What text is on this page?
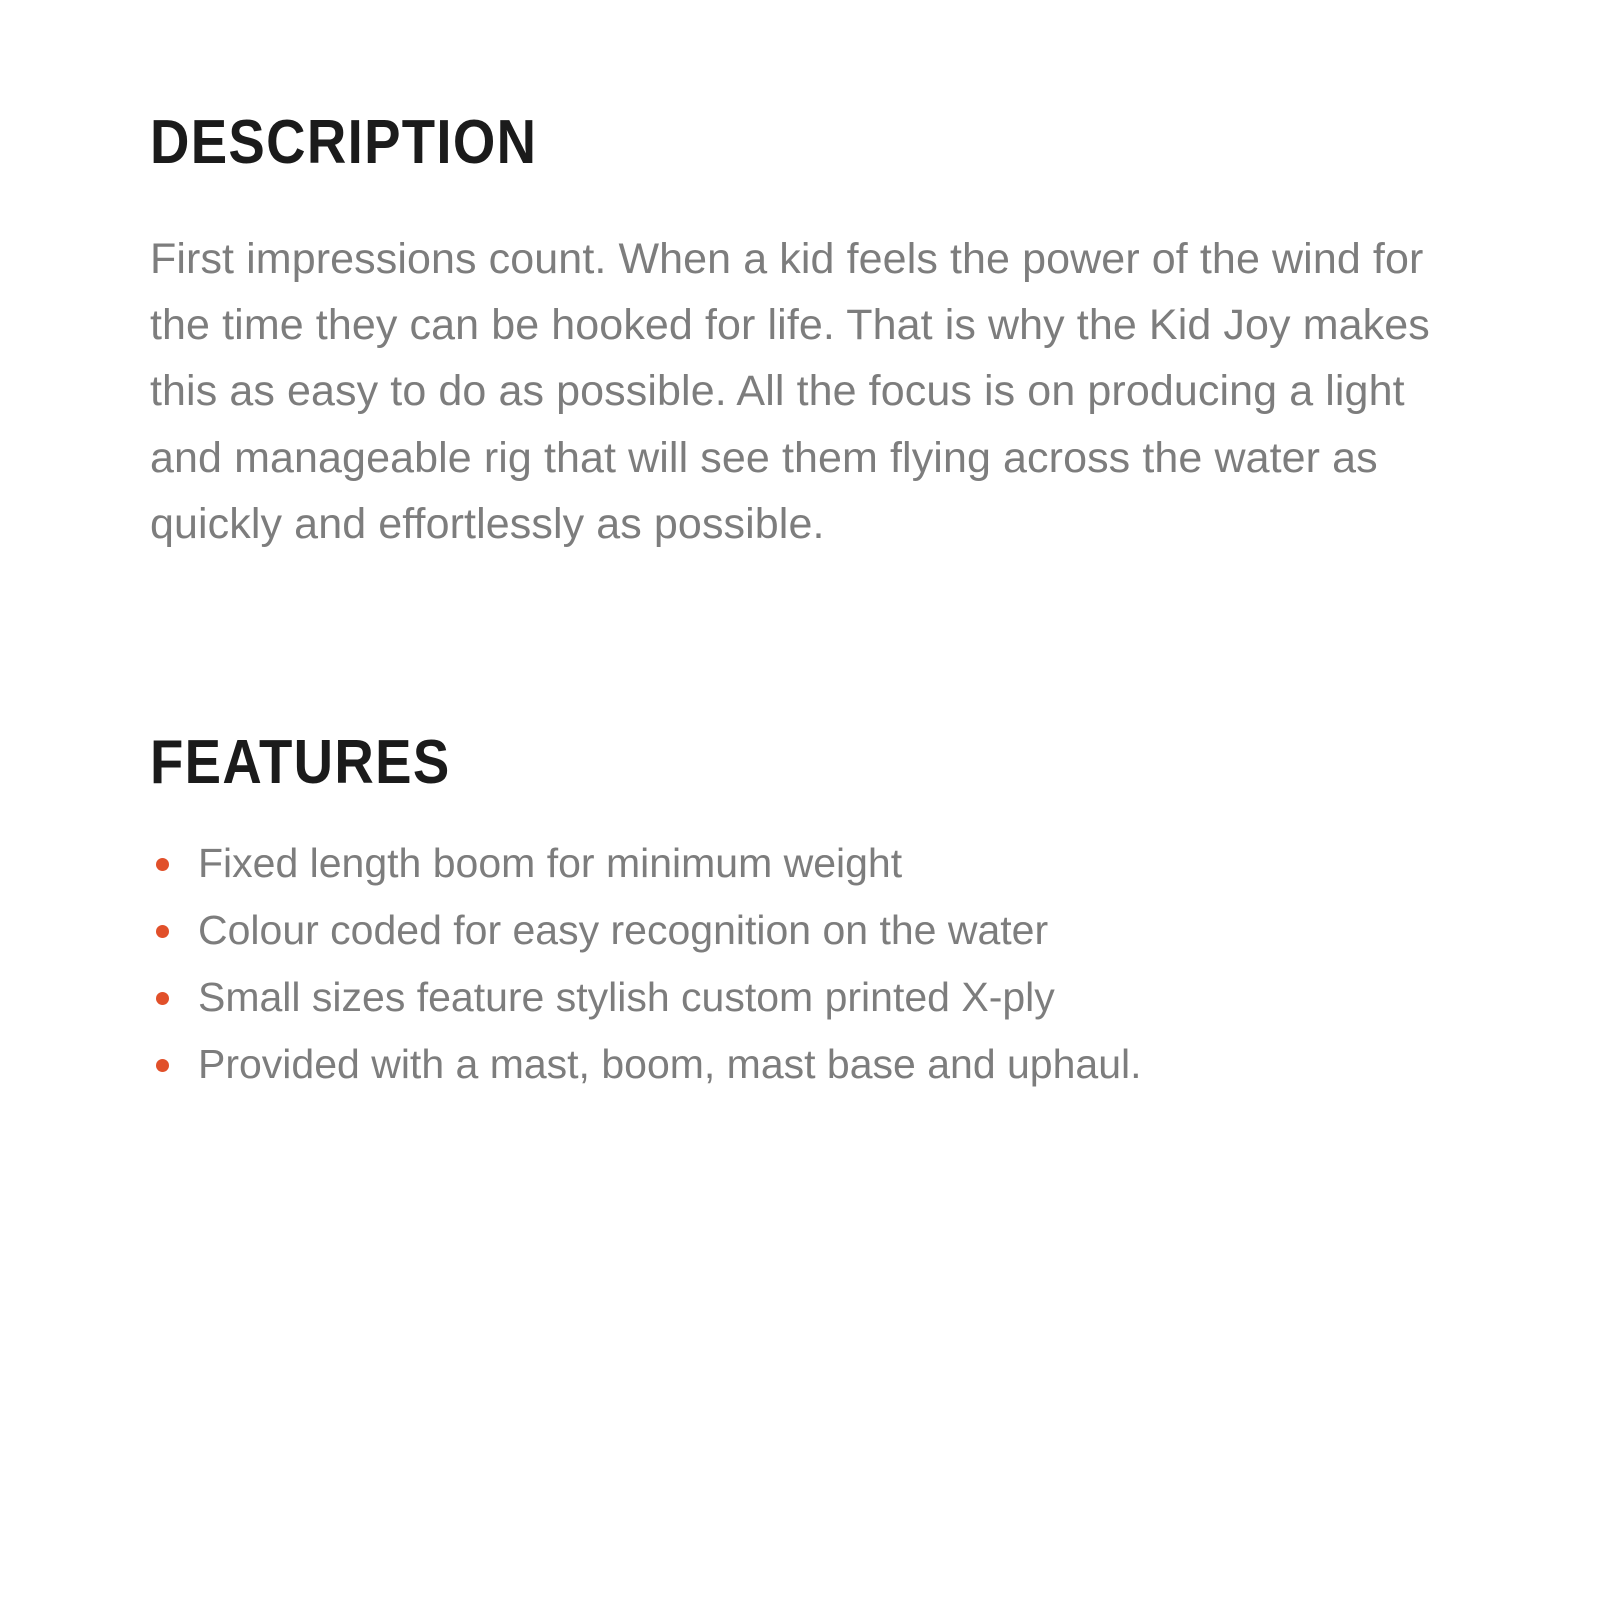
DESCRIPTION

First impressions count. When a kid feels the power of the wind for the time they can be hooked for life. That is why the Kid Joy makes this as easy to do as possible. All the focus is on producing a light and manageable rig that will see them flying across the water as quickly and effortlessly as possible.

FEATURES
Fixed length boom for minimum weight
Colour coded for easy recognition on the water
Small sizes feature stylish custom printed X-ply
Provided with a mast, boom, mast base and uphaul.
